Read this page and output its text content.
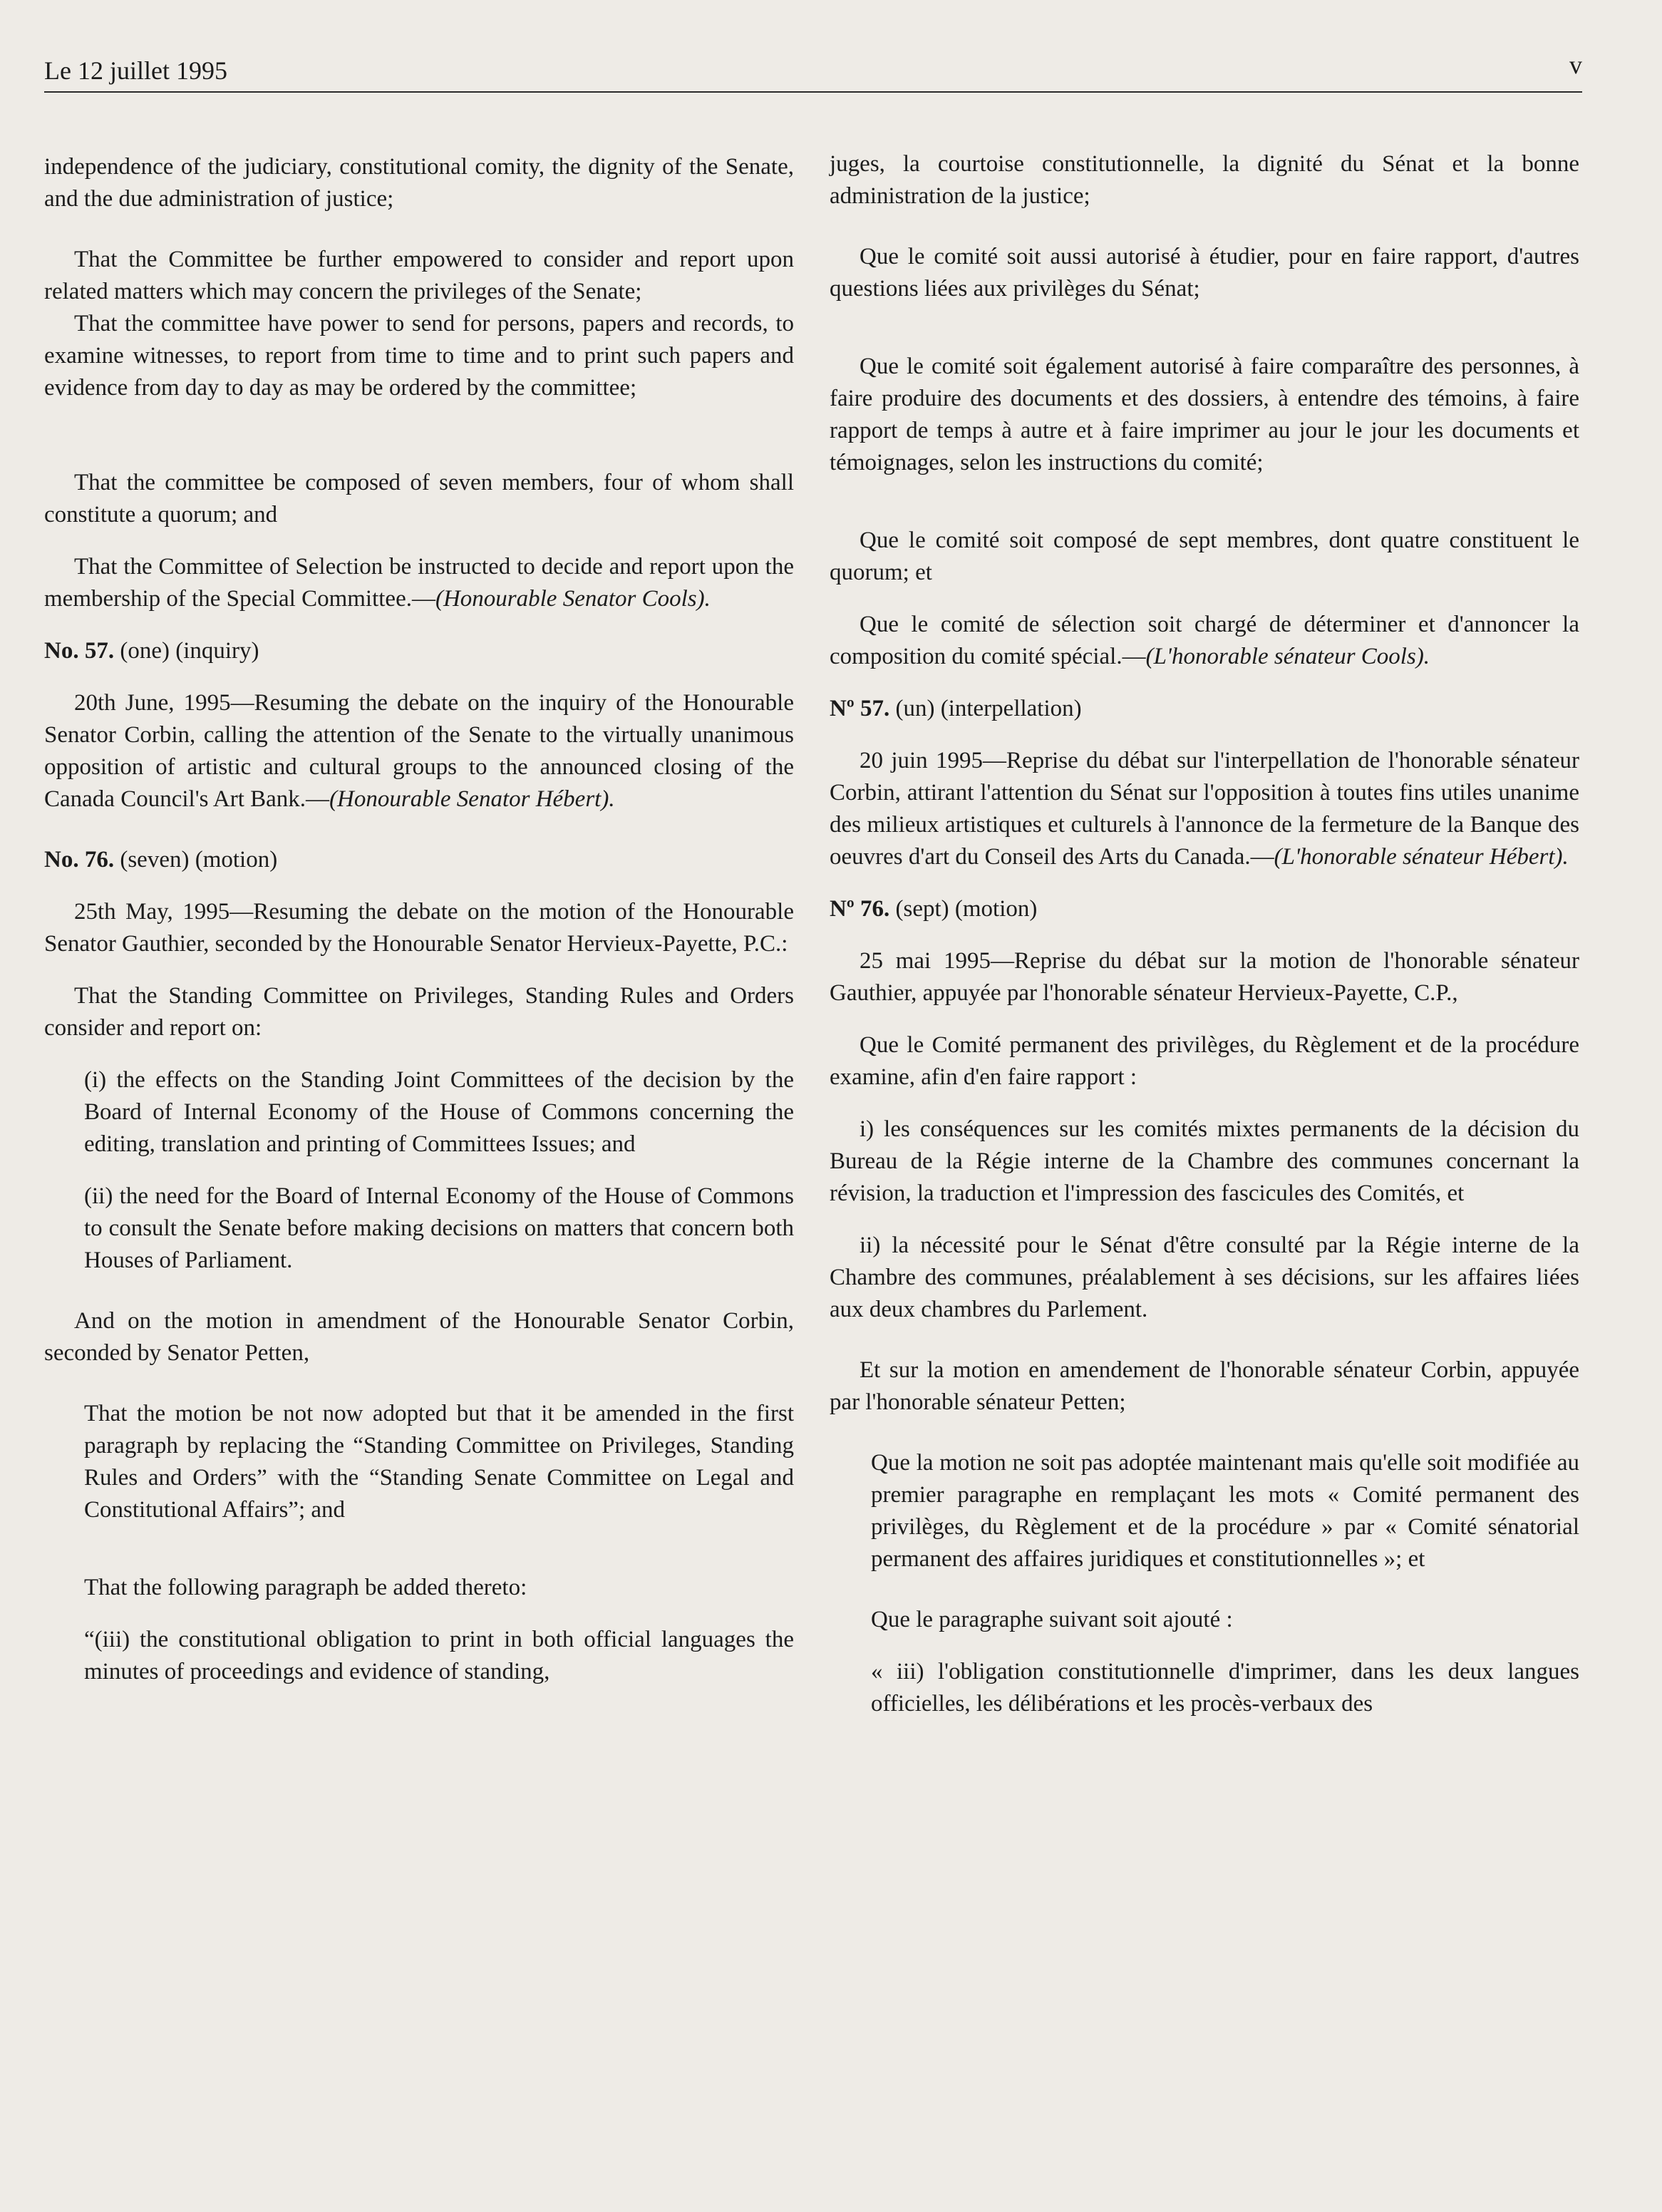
Le 12 juillet 1995	v

independence of the judiciary, constitutional comity, the dignity of the Senate, and the due administration of justice;

That the Committee be further empowered to consider and report upon related matters which may concern the privileges of the Senate;

That the committee have power to send for persons, papers and records, to examine witnesses, to report from time to time and to print such papers and evidence from day to day as may be ordered by the committee;

That the committee be composed of seven members, four of whom shall constitute a quorum; and

That the Committee of Selection be instructed to decide and report upon the membership of the Special Committee.—(Honourable Senator Cools).

No. 57. (one) (inquiry)

20th June, 1995—Resuming the debate on the inquiry of the Honourable Senator Corbin, calling the attention of the Senate to the virtually unanimous opposition of artistic and cultural groups to the announced closing of the Canada Council's Art Bank.—(Honourable Senator Hébert).

No. 76. (seven) (motion)

25th May, 1995—Resuming the debate on the motion of the Honourable Senator Gauthier, seconded by the Honourable Senator Hervieux-Payette, P.C.:

That the Standing Committee on Privileges, Standing Rules and Orders consider and report on:

(i) the effects on the Standing Joint Committees of the decision by the Board of Internal Economy of the House of Commons concerning the editing, translation and printing of Committees Issues; and

(ii) the need for the Board of Internal Economy of the House of Commons to consult the Senate before making decisions on matters that concern both Houses of Parliament.

And on the motion in amendment of the Honourable Senator Corbin, seconded by Senator Petten,

That the motion be not now adopted but that it be amended in the first paragraph by replacing the “Standing Committee on Privileges, Standing Rules and Orders” with the “Standing Senate Committee on Legal and Constitutional Affairs”; and

That the following paragraph be added thereto:

“(iii) the constitutional obligation to print in both official languages the minutes of proceedings and evidence of standing,

juges, la courtoise constitutionnelle, la dignité du Sénat et la bonne administration de la justice;

Que le comité soit aussi autorisé à étudier, pour en faire rapport, d'autres questions liées aux privilèges du Sénat;

Que le comité soit également autorisé à faire comparaître des personnes, à faire produire des documents et des dossiers, à entendre des témoins, à faire rapport de temps à autre et à faire imprimer au jour le jour les documents et témoignages, selon les instructions du comité;

Que le comité soit composé de sept membres, dont quatre constituent le quorum; et

Que le comité de sélection soit chargé de déterminer et d'annoncer la composition du comité spécial.—(L'honorable sénateur Cools).

Nº 57. (un) (interpellation)

20 juin 1995—Reprise du débat sur l'interpellation de l'honorable sénateur Corbin, attirant l'attention du Sénat sur l'opposition à toutes fins utiles unanime des milieux artistiques et culturels à l'annonce de la fermeture de la Banque des oeuvres d'art du Conseil des Arts du Canada.—(L'honorable sénateur Hébert).

Nº 76. (sept) (motion)

25 mai 1995—Reprise du débat sur la motion de l'honorable sénateur Gauthier, appuyée par l'honorable sénateur Hervieux-Payette, C.P.,

Que le Comité permanent des privilèges, du Règlement et de la procédure examine, afin d'en faire rapport :

i) les conséquences sur les comités mixtes permanents de la décision du Bureau de la Régie interne de la Chambre des communes concernant la révision, la traduction et l'impression des fascicules des Comités, et

ii) la nécessité pour le Sénat d'être consulté par la Régie interne de la Chambre des communes, préalablement à ses décisions, sur les affaires liées aux deux chambres du Parlement.

Et sur la motion en amendement de l'honorable sénateur Corbin, appuyée par l'honorable sénateur Petten;

Que la motion ne soit pas adoptée maintenant mais qu'elle soit modifiée au premier paragraphe en remplaçant les mots « Comité permanent des privilèges, du Règlement et de la procédure » par « Comité sénatorial permanent des affaires juridiques et constitutionnelles »; et

Que le paragraphe suivant soit ajouté :

« iii) l'obligation constitutionnelle d'imprimer, dans les deux langues officielles, les délibérations et les procès-verbaux des
